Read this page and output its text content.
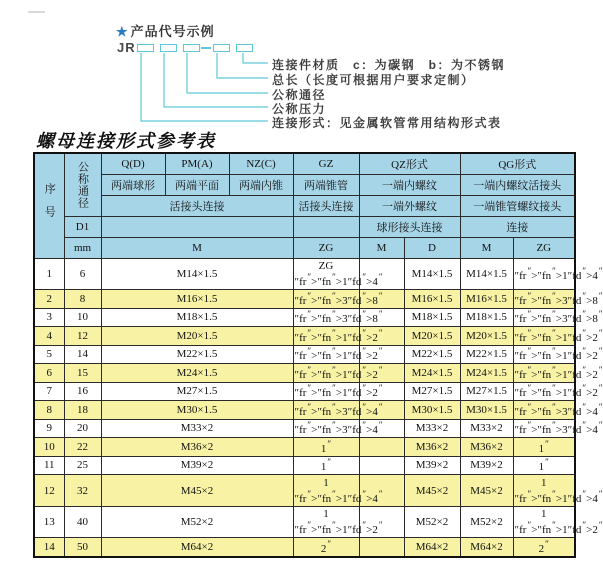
★ 产品代号示例
JR
连接件材质　c：为碳钢　b：为不锈钢
总长（长度可根据用户要求定制）
公称通径
公称压力
连接形式：见金属软管常用结构形式表
螺母连接形式参考表
序号	公称通径	Q(D)	PM(A)	NZ(C)	GZ	QZ形式		QG形式	
		两端球形	两端平面	两端内锥	两端锥管	一端内螺纹		一端内螺纹活接头	
		活接头连接			活接头连接	一端外螺纹		一端锥管螺纹接头	
	D1					球形接头连接		连接	
	mm	M			ZG	M	D	M	ZG
1	6	M14×1.5			ZG ″fr″>″fn″>1″fd″>4″		M14×1.5	M14×1.5	″fr″>″fn″>1″fd″>4″
2	8	M16×1.5			″fr″>″fn″>3″fd″ ″		M16×1.5	M16×1.5	″fr″>″fn″>3″fd″>8″
3	10	M18×1.5			″fr″>″fn″>3″fd″>8″		M18×1.5	M18×1.5	″fr″>″fn″>3″fd″>8″
4	12	M20×1.5			″fr″>″fn″>1″fd″ ″		M20×1.5	M20×1.5	″fr″>″fn″>1″fd″>2″
5	14	M22×1.5			″fr″>″fn″>1″fd″>2″		M22×1.5	M22×1.5	″fr″>″fn″>1″fd″>2″
6	15	M24×1.5			″fr″>″fn″>1″fd″ ″		M24×1.5	M24×1.5	″fr″>″fn″>1″fd″>2″
7	16	M27×1.5			″fr″>″fn″>1″fd″>2″		M27×1.5	M27×1.5	″fr″>″fn″>1″fd″>2″
8	18	M30×1.5			″fr″>″fn″>3″fd″ ″		M30×1.5	M30×1.5	″fr″>″fn″>3″fd″>4″
9	20	M33×2			″fr″>″fn″>3″fd″>4″		M33×2	M33×2	″fr″>″fn″>3″fd″>4″
10	22	M36×2			1″		M36×2	M36×2	1″
11	25	M39×2			1″		M39×2	M39×2	1″
12	32	M45×2			1 ″fr″>″fn″>1″fd″ ″		M45×2	M45×2	1 ″fr″>″fn″>1″fd″>4″
13	40	M52×2			1 ″fr″>″fn″>1″fd″>2″		M52×2	M52×2	1 ″fr″>″fn″>1″fd″>2″
14	50	M64×2			2″		M64×2	M64×2	2″
